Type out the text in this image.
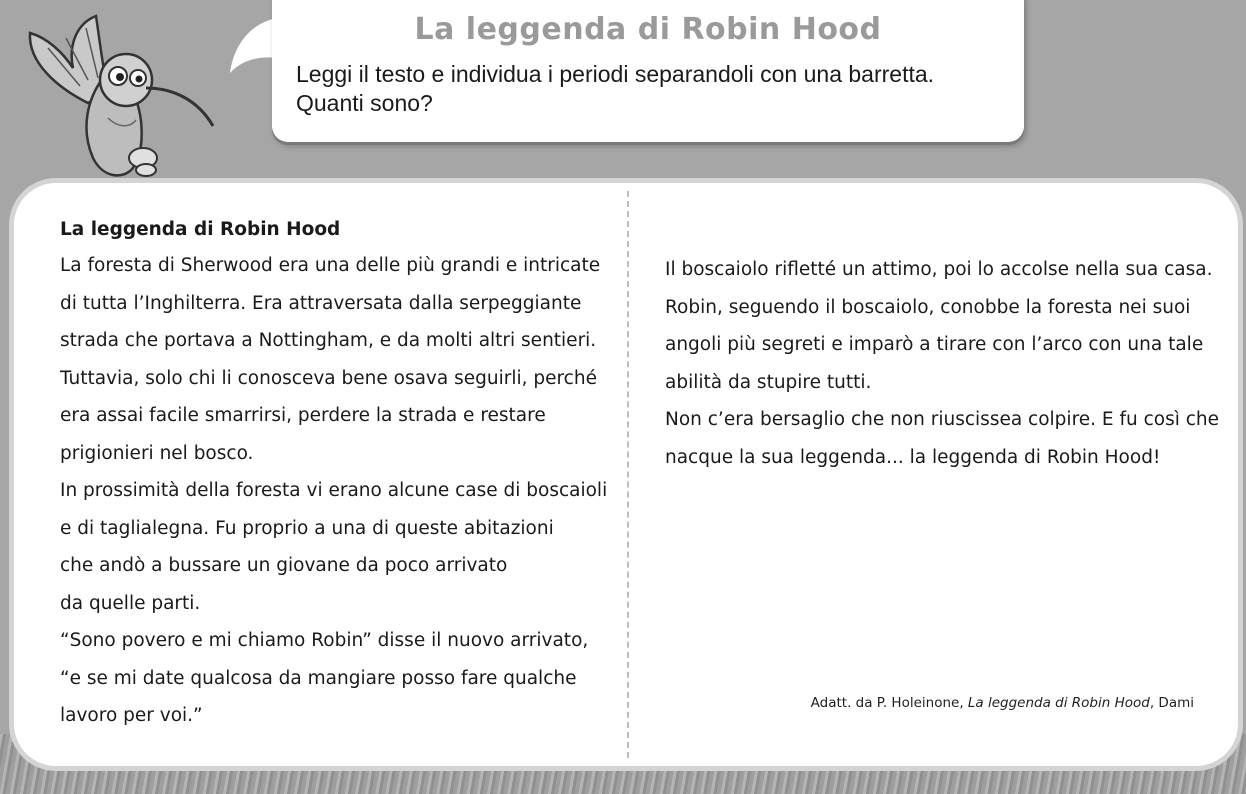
La leggenda di Robin Hood
Leggi il testo e individua i periodi separandoli con una barretta. Quanti sono?
La leggenda di Robin Hood
La foresta di Sherwood era una delle più grandi e intricate
di tutta l’Inghilterra. Era attraversata dalla serpeggiante
strada che portava a Nottingham, e da molti altri sentieri.
Tuttavia, solo chi li conosceva bene osava seguirli, perché
era assai facile smarrirsi, perdere la strada e restare
prigionieri nel bosco.
In prossimità della foresta vi erano alcune case di boscaioli
e di taglialegna. Fu proprio a una di queste abitazioni
che andò a bussare un giovane da poco arrivato
da quelle parti.
“Sono povero e mi chiamo Robin” disse il nuovo arrivato,
“e se mi date qualcosa da mangiare posso fare qualche
lavoro per voi.”
Il boscaiolo rifletté un attimo, poi lo accolse nella sua casa.
Robin, seguendo il boscaiolo, conobbe la foresta nei suoi
angoli più segreti e imparò a tirare con l’arco con una tale
abilità da stupire tutti.
Non c’era bersaglio che non riuscissea colpire. E fu così che
nacque la sua leggenda... la leggenda di Robin Hood!
Adatt. da P. Holeinone, La leggenda di Robin Hood, Dami
